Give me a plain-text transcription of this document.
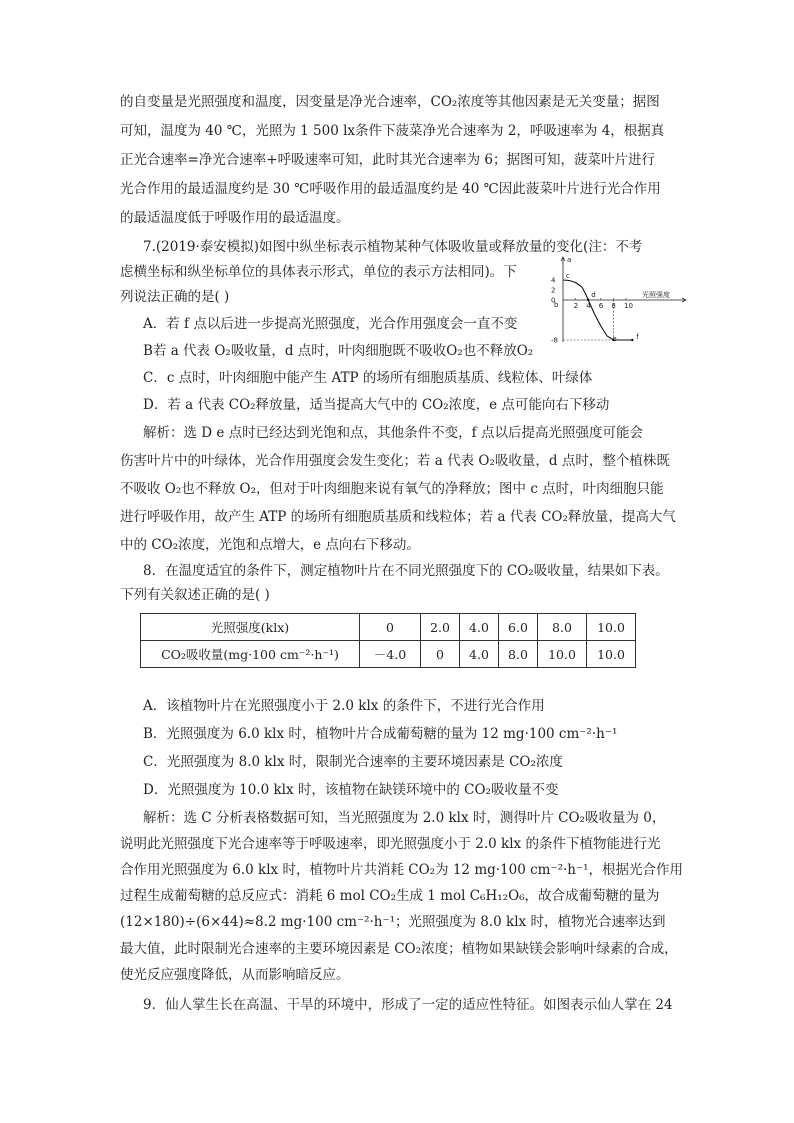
的自变量是光照强度和温度，因变量是净光合速率，CO₂浓度等其他因素是无关变量；据图
可知，温度为 40 ℃，光照为 1 500 lx条件下菠菜净光合速率为 2，呼吸速率为 4，根据真
正光合速率=净光合速率+呼吸速率可知，此时其光合速率为 6；据图可知，菠菜叶片进行
光合作用的最适温度约是 30 ℃呼吸作用的最适温度约是 40 ℃因此菠菜叶片进行光合作用
的最适温度低于呼吸作用的最适温度。
7.(2019·泰安模拟)如图中纵坐标表示植物某种气体吸收量或释放量的变化(注：不考
虑横坐标和纵坐标单位的具体表示形式，单位的表示方法相同)。下
列说法正确的是( )
A．若 f 点以后进一步提高光照强度，光合作用强度会一直不变
B若 a 代表 O₂吸收量，d 点时，叶肉细胞既不吸收O₂也不释放O₂
C．c 点时，叶肉细胞中能产生 ATP 的场所有细胞质基质、线粒体、叶绿体
D．若 a 代表 CO₂释放量，适当提高大气中的 CO₂浓度，e 点可能向右下移动
解析：选 D e 点时已经达到光饱和点，其他条件不变，f 点以后提高光照强度可能会
伤害叶片中的叶绿体，光合作用强度会发生变化；若 a 代表 O₂吸收量，d 点时，整个植株既
不吸收 O₂也不释放 O₂，但对于叶肉细胞来说有氧气的净释放；图中 c 点时，叶肉细胞只能
进行呼吸作用，故产生 ATP 的场所有细胞质基质和线粒体；若 a 代表 CO₂释放量，提高大气
中的 CO₂浓度，光饱和点增大，e 点向右下移动。
8．在温度适宜的条件下，测定植物叶片在不同光照强度下的 CO₂吸收量，结果如下表。
下列有关叙述正确的是( )
光照强度(klx)	0	2.0	4.0	6.0	8.0	10.0
CO₂吸收量(mg·100 cm⁻²·h⁻¹)	－4.0	0	4.0	8.0	10.0	10.0
A．该植物叶片在光照强度小于 2.0 klx 的条件下，不进行光合作用
B．光照强度为 6.0 klx 时，植物叶片合成葡萄糖的量为 12 mg·100 cm⁻²·h⁻¹
C．光照强度为 8.0 klx 时，限制光合速率的主要环境因素是 CO₂浓度
D．光照强度为 10.0 klx 时，该植物在缺镁环境中的 CO₂吸收量不变
解析：选 C 分析表格数据可知，当光照强度为 2.0 klx 时，测得叶片 CO₂吸收量为 0，
说明此光照强度下光合速率等于呼吸速率，即光照强度小于 2.0 klx 的条件下植物能进行光
合作用光照强度为 6.0 klx 时，植物叶片共消耗 CO₂为 12 mg·100 cm⁻²·h⁻¹，根据光合作用
过程生成葡萄糖的总反应式：消耗 6 mol CO₂生成 1 mol C₆H₁₂O₆，故合成葡萄糖的量为
(12×180)÷(6×44)≈8.2 mg·100 cm⁻²·h⁻¹；光照强度为 8.0 klx 时，植物光合速率达到
最大值，此时限制光合速率的主要环境因素是 CO₂浓度；植物如果缺镁会影响叶绿素的合成，
使光反应强度降低，从而影响暗反应。
9．仙人掌生长在高温、干旱的环境中，形成了一定的适应性特征。如图表示仙人掌在 24
a
光照强度
2 4 6 8 10
4
2
0
-8
b
c
d
e	f
